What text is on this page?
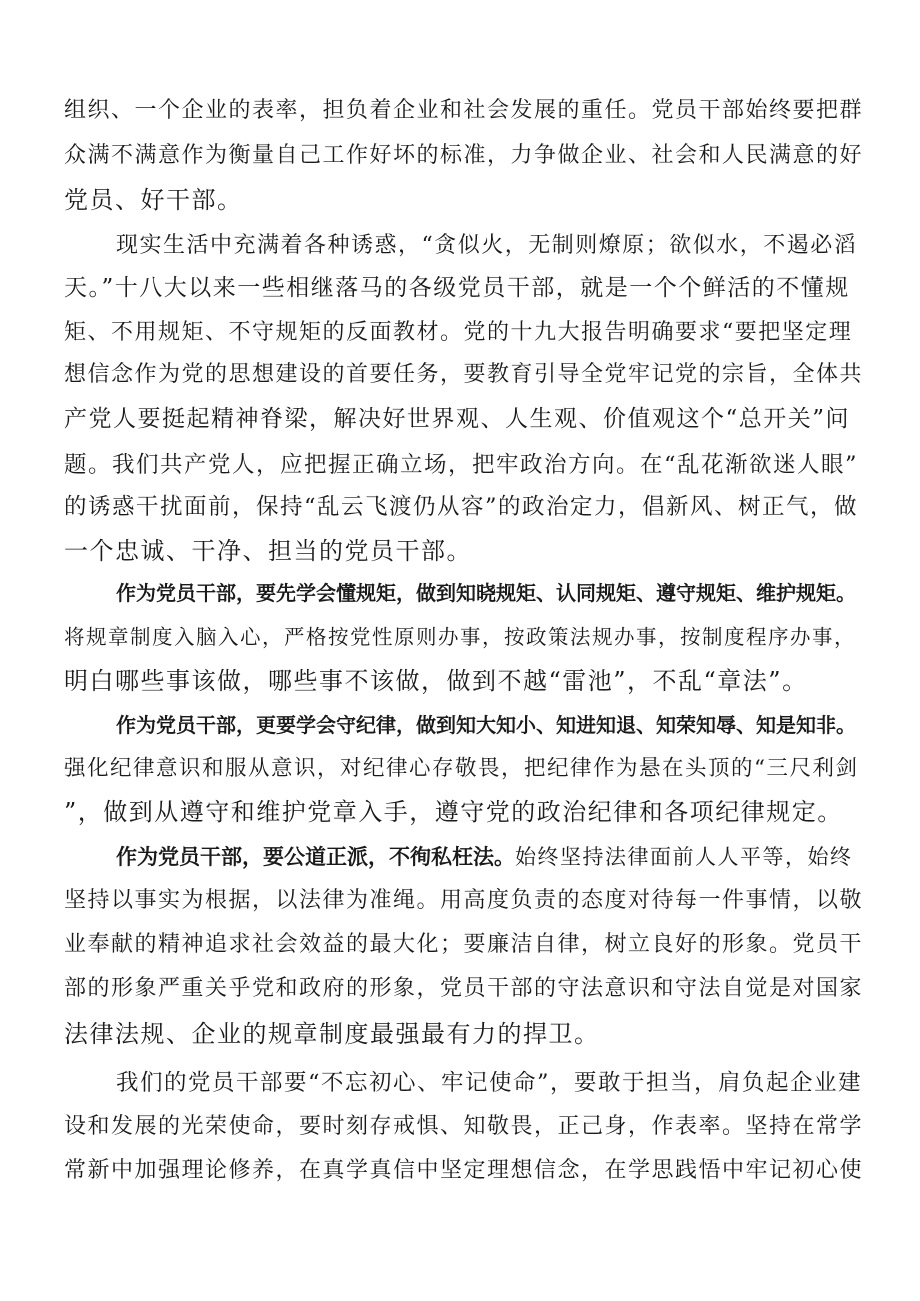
组织、一个企业的表率，担负着企业和社会发展的重任。党员干部始终要把群
众满不满意作为衡量自己工作好坏的标准，力争做企业、社会和人民满意的好
党员、好干部。
现实生活中充满着各种诱惑，“贪似火，无制则燎原；欲似水，不遏必滔
天。”十八大以来一些相继落马的各级党员干部，就是一个个鲜活的不懂规
矩、不用规矩、不守规矩的反面教材。党的十九大报告明确要求“要把坚定理
想信念作为党的思想建设的首要任务，要教育引导全党牢记党的宗旨，全体共
产党人要挺起精神脊梁，解决好世界观、人生观、价值观这个“总开关”问
题。我们共产党人，应把握正确立场，把牢政治方向。在“乱花渐欲迷人眼”
的诱惑干扰面前，保持“乱云飞渡仍从容”的政治定力，倡新风、树正气，做
一个忠诚、干净、担当的党员干部。
作为党员干部，要先学会懂规矩，做到知晓规矩、认同规矩、遵守规矩、维护规矩。
将规章制度入脑入心，严格按党性原则办事，按政策法规办事，按制度程序办事，
明白哪些事该做，哪些事不该做，做到不越“雷池”，不乱“章法”。
作为党员干部，更要学会守纪律，做到知大知小、知进知退、知荣知辱、知是知非。
强化纪律意识和服从意识，对纪律心存敬畏，把纪律作为悬在头顶的“三尺利剑
”，做到从遵守和维护党章入手，遵守党的政治纪律和各项纪律规定。
作为党员干部，要公道正派，不徇私枉法。始终坚持法律面前人人平等，始终
坚持以事实为根据，以法律为准绳。用高度负责的态度对待每一件事情，以敬
业奉献的精神追求社会效益的最大化；要廉洁自律，树立良好的形象。党员干
部的形象严重关乎党和政府的形象，党员干部的守法意识和守法自觉是对国家
法律法规、企业的规章制度最强最有力的捍卫。
我们的党员干部要“不忘初心、牢记使命”，要敢于担当，肩负起企业建
设和发展的光荣使命，要时刻存戒惧、知敬畏，正己身，作表率。坚持在常学
常新中加强理论修养，在真学真信中坚定理想信念，在学思践悟中牢记初心使
